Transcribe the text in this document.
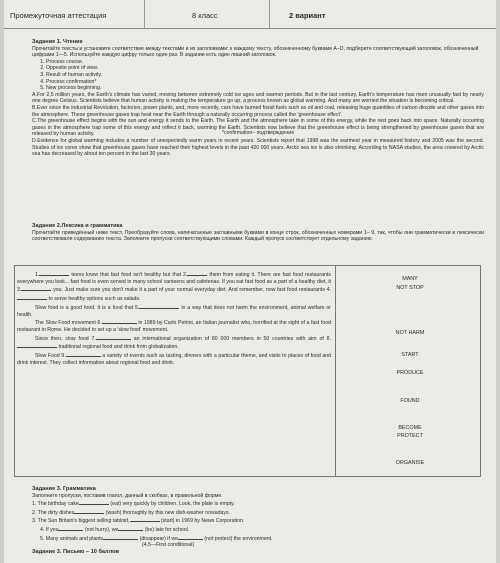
Промежуточная аттестация	8 класс	2 вариант

Задание 1. Чтение

Прочитайте тексты и установите соответствие между текстами и их заголовками: к каждому тексту, обозначенному буквами А–D, подберите соответствующий заголовок, обозначенный цифрами 1—5. Используйте каждую цифру только один раз. В задании есть один лишний заголовок.

1. Process course.
2. Opposite point of view.
3. Result of human activity.
4. Process confirmation*
5. New process beginning.

A.For 2,5 million years, the Earth's climate has varied, moving between extremely cold ice ages and warmer periods. But in the last century, Earth's temperature has risen unusually fast by nearly one degree Celsius. Scientists believe that human activity is making the temperature go up, a process known as global warming. And many are worried the situation is becoming critical.

B.Ever since the industrial Revolution, factories, power plants, and, more recently, cars have burned fossil fuels such as oil and coal, releasing huge quantities of carbon dioxide and other gases into the atmosphere. These greenhouse gases trap heat near the Earth through a naturally occurring process called the 'greenhouse effect'.

C.The greenhouse effect begins with the sun and energy it sends to the Earth. The Earth and the atmosphere take in some of this energy, while the rest goes back into space. Naturally occurring gases in the atmosphere trap some of this energy and reflect it back, warming the Earth. Scientists now believe that the greenhouse effect is being strengthened by greenhouse gases that are released by human activity.

D.Evidence for global warming includes a number of unexpectedly warm years in recent years. Scientists report that 1998 was the warmest year in measured history and 2005 was the second. Studies of ice cores show that greenhouse gases have reached their highest levels in the past 420 000 years. Arctic sea ice is also shrinking. According to NASA studies, the area covered by Arctic sea has decreased by about ten percent in the last 30 years.

*confirmation– подтверждение

Задание 2.Лексика и грамматика

Прочитайте приведённый ниже текст. Преобразуйте слова, напечатанные заглавными буквами в конце строк, обозначенных номерами 1– 9, так, чтобы они грамматически и лексически соответствовали содержанию текста. Заполните пропуски соответствующими словами. Каждый пропуск соответствует отдельному заданию.

1.	teens know that fast food isn't healthy but that 2.	them from eating it. There are fast food restaurants everywhere you look... fast food is even served in many school canteens and cafeterias. If you eat fast food as a part of a healthy diet, it 3.	you. Just make sure you don't make it a part of your normal everyday diet. And remember, now fast food restaurants 4. to serve healthy options such as salads.

Slow food is a good food. It is a food that 5.	in a way that does not harm the environment, animal welfare or health.

The Slow Food movement 6.	in 1989 by Carlo Petrini, an Italian journalist who, horrified at the sight of a fast food restaurant in Rome. He decided to set up a 'slow food' movement.

Since then, slow food 7.	an international organization of 80 000 members in 50 countries with aim of 8. traditional regional food and drink from globalization.

Slow Food 9.	a variety of events such as tasting, dinners with a particular theme, and visits to places of food and drink interest. They collect information about regional food and drink.

MANY
NOT STOP
NOT HARM
START
PRODUCE
FOUND
BECOME
PROTECT
ORGANISE

Задание 3. Грамматика

Заполните пропуски, поставив глагол, данный в скобках, в правильной форме.

1. The birthday cake	(eat) very quickly by children. Look, the plate is empty.

2. The dirty dishes	(wash) thoroughly by this new dish-washer nowadays.

3. The Sun Britain's biggest selling tabloid,	(start) in 1969 by News Corporation.

4. If you	(not hurry), we	(be) late for school.

5. Many animals and plants	(disappear) if we	(not protect) the environment.

(4,5—First conditional)

Задание 3. Письмо – 10 баллов
